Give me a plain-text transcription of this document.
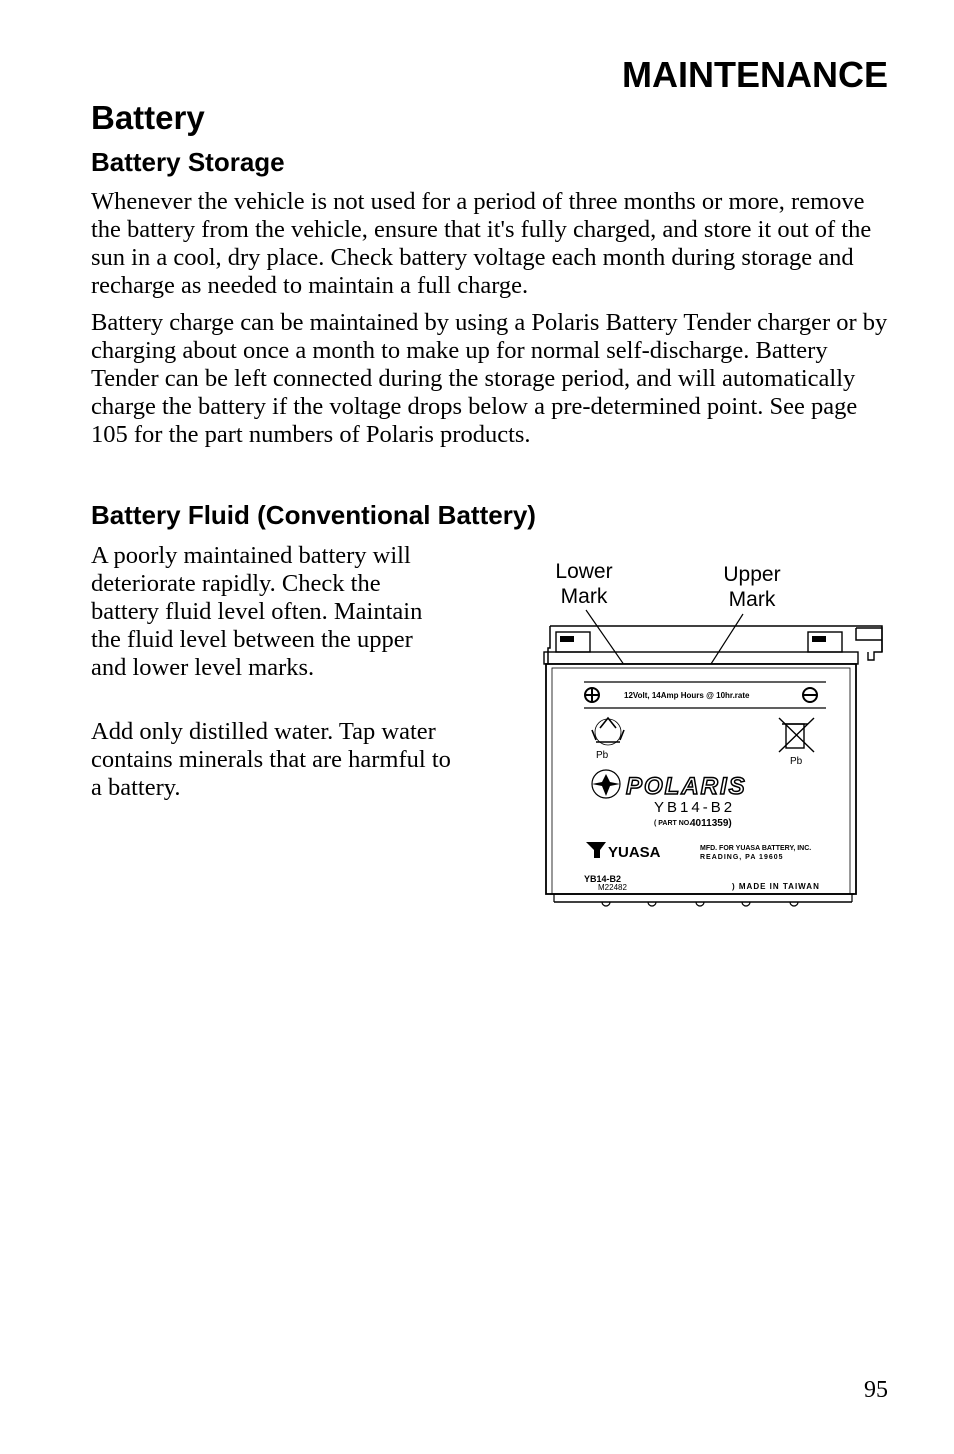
MAINTENANCE
Battery
Battery Storage

Whenever the vehicle is not used for a period of three months or more, remove the battery from the vehicle, ensure that it's fully charged, and store it out of the sun in a cool, dry place. Check battery voltage each month during storage and recharge as needed to maintain a full charge.

Battery charge can be maintained by using a Polaris Battery Tender charger or by charging about once a month to make up for normal self-discharge. Battery Tender can be left connected during the storage period, and will automatically charge the battery if the voltage drops below a pre-determined point. See page 105 for the part numbers of Polaris products.

Battery Fluid (Conventional Battery)

A poorly maintained battery will deteriorate rapidly. Check the battery fluid level often. Maintain the fluid level between the upper and lower level marks.

Add only distilled water. Tap water contains minerals that are harmful to a battery.

Lower
Mark
Upper
Mark
12Volt, 14Amp Hours @ 10hr.rate
Pb
Pb
POLARIS
YB14-B2
( PART NO.
4011359)
YUASA	MFD. FOR YUASA BATTERY, INC.
READING, PA 19605
YB14-B2
M22482	) MADE IN TAIWAN

95
